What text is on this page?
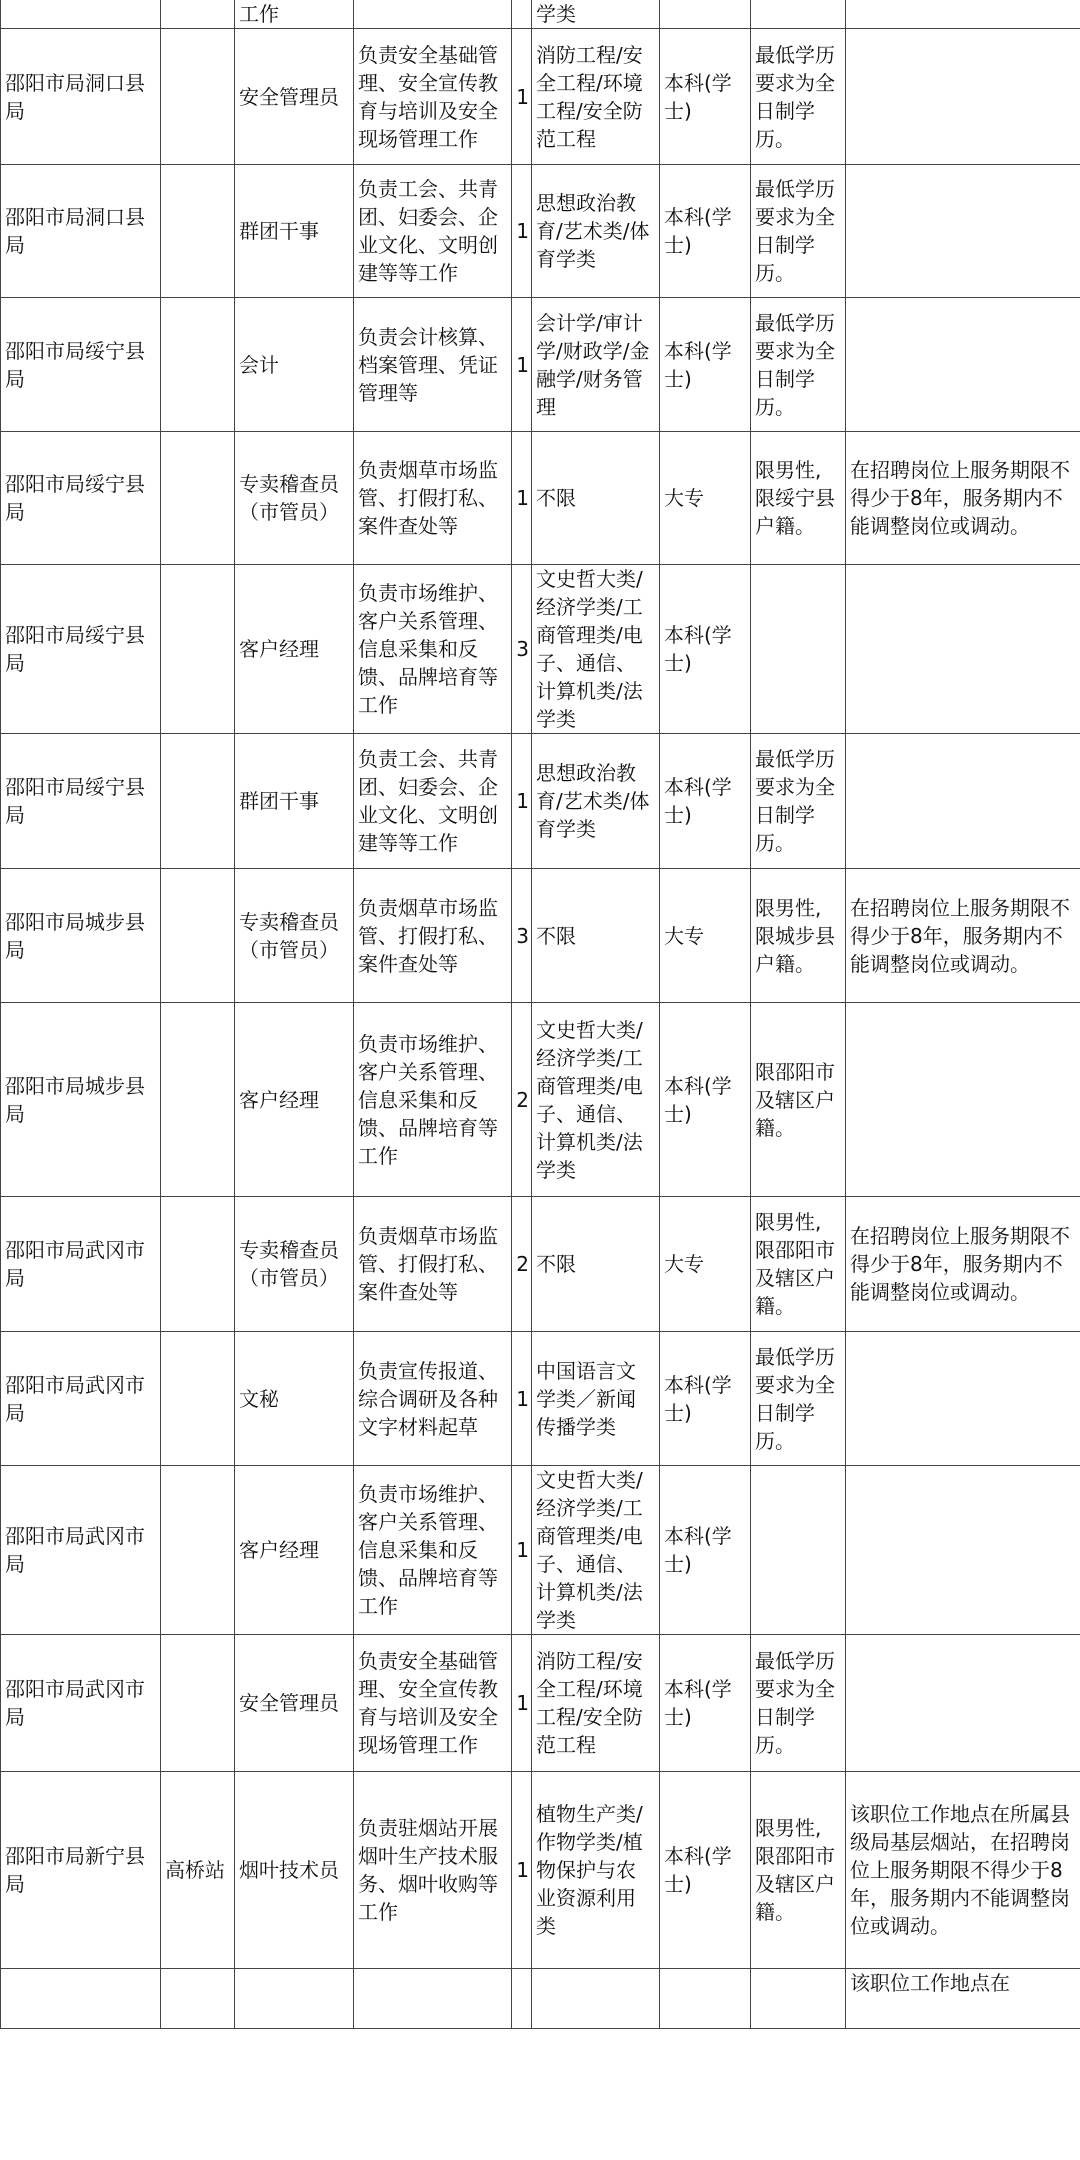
		工作			学类			
邵阳市局洞口县局		安全管理员	负责安全基础管理、安全宣传教育与培训及安全现场管理工作	1	消防工程/安全工程/环境工程/安全防范工程	本科(学士)	最低学历要求为全日制学历。	
邵阳市局洞口县局		群团干事	负责工会、共青团、妇委会、企业文化、文明创建等等工作	1	思想政治教育/艺术类/体育学类	本科(学士)	最低学历要求为全日制学历。	
邵阳市局绥宁县局		会计	负责会计核算、档案管理、凭证管理等	1	会计学/审计学/财政学/金融学/财务管理	本科(学士)	最低学历要求为全日制学历。	
邵阳市局绥宁县局		专卖稽查员（市管员）	负责烟草市场监管、打假打私、案件查处等	1	不限	大专	限男性,限绥宁县户籍。	在招聘岗位上服务期限不得少于8年，服务期内不能调整岗位或调动。
邵阳市局绥宁县局		客户经理	负责市场维护、客户关系管理、信息采集和反馈、品牌培育等工作	3	文史哲大类/经济学类/工商管理类/电子、通信、计算机类/法学类	本科(学士)		
邵阳市局绥宁县局		群团干事	负责工会、共青团、妇委会、企业文化、文明创建等等工作	1	思想政治教育/艺术类/体育学类	本科(学士)	最低学历要求为全日制学历。	
邵阳市局城步县局		专卖稽查员（市管员）	负责烟草市场监管、打假打私、案件查处等	3	不限	大专	限男性,限城步县户籍。	在招聘岗位上服务期限不得少于8年，服务期内不能调整岗位或调动。
邵阳市局城步县局		客户经理	负责市场维护、客户关系管理、信息采集和反馈、品牌培育等工作	2	文史哲大类/经济学类/工商管理类/电子、通信、计算机类/法学类	本科(学士)	限邵阳市及辖区户籍。	
邵阳市局武冈市局		专卖稽查员（市管员）	负责烟草市场监管、打假打私、案件查处等	2	不限	大专	限男性,限邵阳市及辖区户籍。	在招聘岗位上服务期限不得少于8年，服务期内不能调整岗位或调动。
邵阳市局武冈市局		文秘	负责宣传报道、综合调研及各种文字材料起草	1	中国语言文学类／新闻传播学类	本科(学士)	最低学历要求为全日制学历。	
邵阳市局武冈市局		客户经理	负责市场维护、客户关系管理、信息采集和反馈、品牌培育等工作	1	文史哲大类/经济学类/工商管理类/电子、通信、计算机类/法学类	本科(学士)		
邵阳市局武冈市局		安全管理员	负责安全基础管理、安全宣传教育与培训及安全现场管理工作	1	消防工程/安全工程/环境工程/安全防范工程	本科(学士)	最低学历要求为全日制学历。	
邵阳市局新宁县局	高桥站	烟叶技术员	负责驻烟站开展烟叶生产技术服务、烟叶收购等工作	1	植物生产类/作物学类/植物保护与农业资源利用类	本科(学士)	限男性,限邵阳市及辖区户籍。	该职位工作地点在所属县级局基层烟站，在招聘岗位上服务期限不得少于8年，服务期内不能调整岗位或调动。
								该职位工作地点在
